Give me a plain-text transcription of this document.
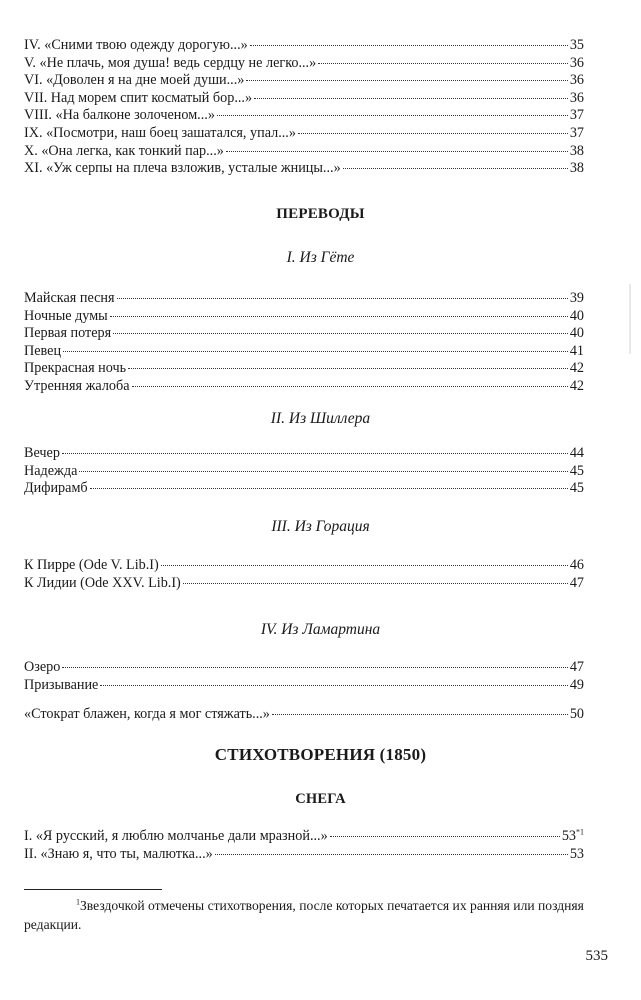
IV. «Сними твою одежду дорогую...»	35
V. «Не плачь, моя душа! ведь сердцу не легко...»	36
VI. «Доволен я на дне моей души...»	36
VII. Над морем спит косматый бор...»	36
VIII. «На балконе золоченом...»	37
IX. «Посмотри, наш боец зашатался, упал...»	37
X. «Она легка, как тонкий пар...»	38
XI. «Уж серпы на плеча взложив, усталые жницы...»	38
ПЕРЕВОДЫ
I. Из Гёте
Майская песня	39
Ночные думы	40
Первая потеря	40
Певец	41
Прекрасная ночь	42
Утренняя жалоба	42
II. Из Шиллера
Вечер	44
Надежда	45
Дифирамб	45
III. Из Горация
К Пирре (Ode V. Lib.I)	46
К Лидии (Ode XXV. Lib.I)	47
IV. Из Ламартина
Озеро	47
Призывание	49
«Стократ блажен, когда я мог стяжать...»	50
СТИХОТВОРЕНИЯ (1850)
СНЕГА
I. «Я русский, я люблю молчанье дали мразной...»	53$^{*1}$
II. «Знаю я, что ты, малютка...»	53
$^1$Звездочкой отмечены стихотворения, после которых печатается их ранняя или поздняя редакции.
535
